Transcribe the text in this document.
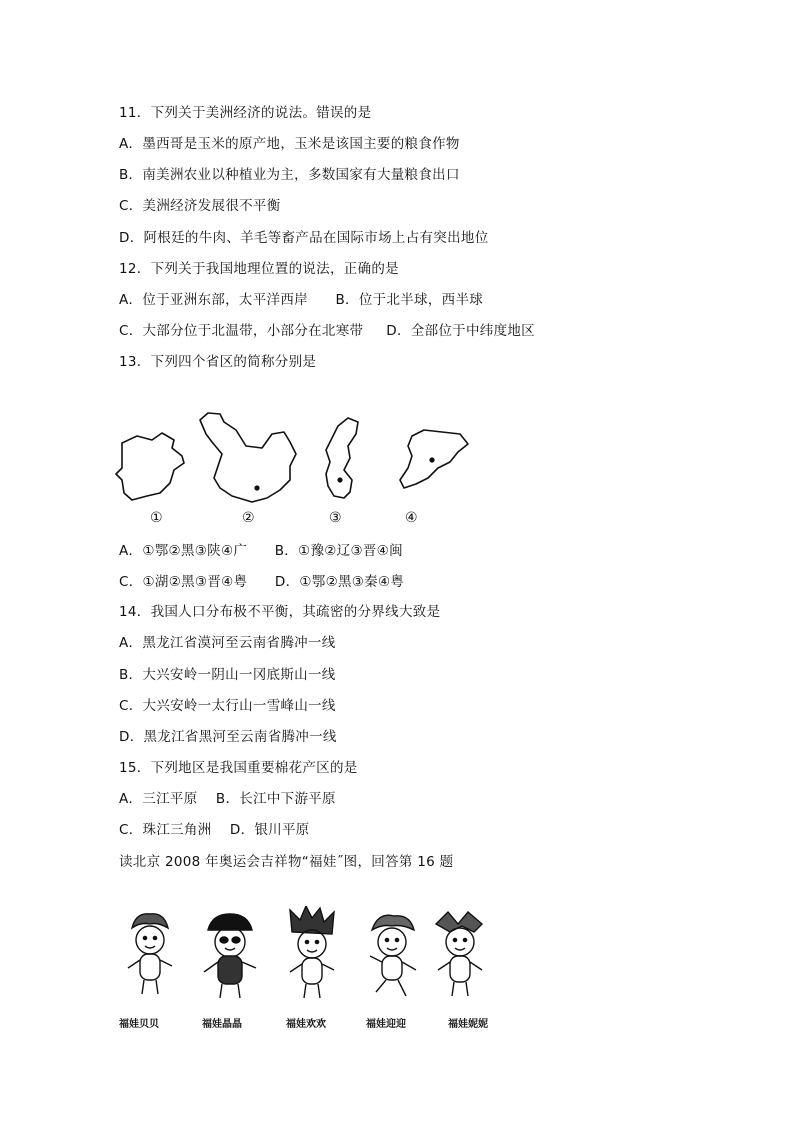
11．下列关于美洲经济的说法。错误的是
A．墨西哥是玉米的原产地，玉米是该国主要的粮食作物
B．南美洲农业以种植业为主，多数国家有大量粮食出口
C．美洲经济发展很不平衡
D．阿根廷的牛肉、羊毛等畜产品在国际市场上占有突出地位
12．下列关于我国地理位置的说法，正确的是
A．位于亚洲东部，太平洋西岸      B．位于北半球，西半球
C．大部分位于北温带，小部分在北寒带     D．全部位于中纬度地区
13．下列四个省区的简称分别是
①	②	③	④
A．①鄂②黑③陕④广      B．①豫②辽③晋④闽
C．①湖②黑③晋④粤      D．①鄂②黑③秦④粤
14．我国人口分布极不平衡，其疏密的分界线大致是
A．黑龙江省漠河至云南省腾冲一线
B．大兴安岭一阴山一冈底斯山一线
C．大兴安岭一太行山一雪峰山一线
D．黑龙江省黑河至云南省腾冲一线
15．下列地区是我国重要棉花产区的是
A．三江平原    B．长江中下游平原
C．珠江三角洲    D．银川平原
读北京 2008 年奥运会吉祥物“福娃˝图，回答第 16 题
福娃贝贝	福娃晶晶	福娃欢欢	福娃迎迎	福娃妮妮
